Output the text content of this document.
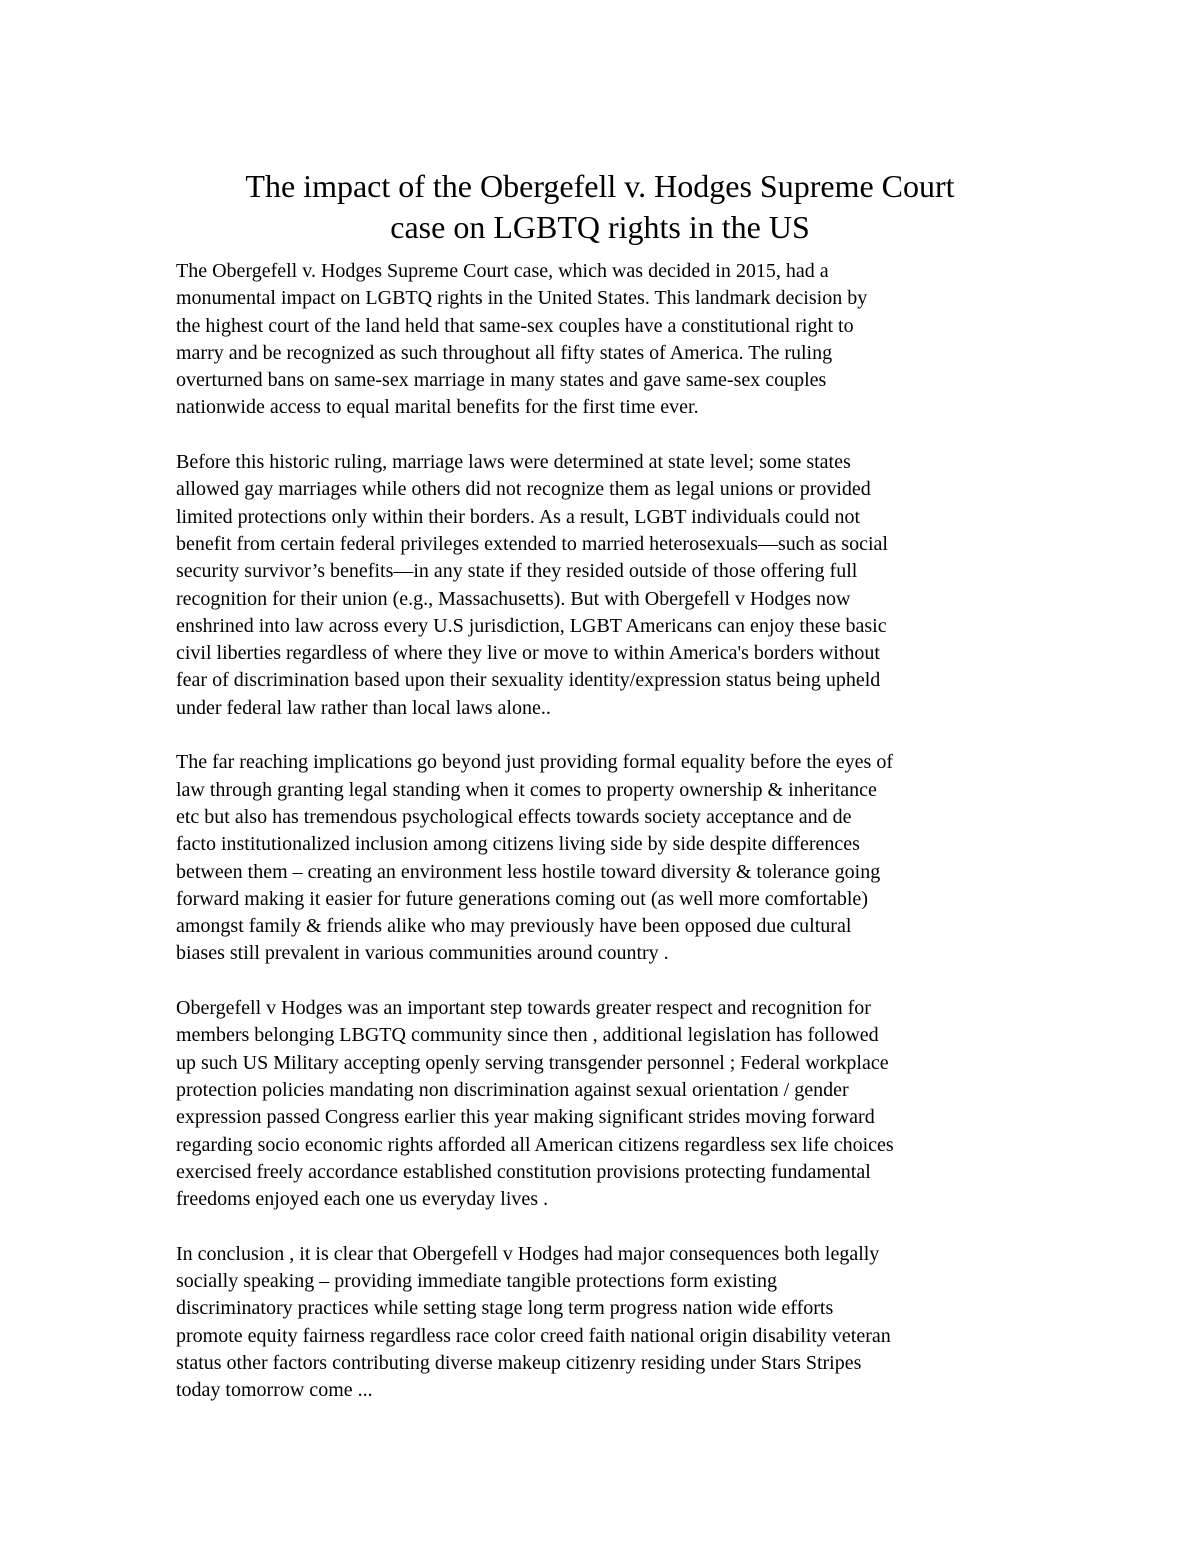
The impact of the Obergefell v. Hodges Supreme Court
case on LGBTQ rights in the US

The Obergefell v. Hodges Supreme Court case, which was decided in 2015, had a
monumental impact on LGBTQ rights in the United States. This landmark decision by
the highest court of the land held that same-sex couples have a constitutional right to
marry and be recognized as such throughout all fifty states of America. The ruling
overturned bans on same-sex marriage in many states and gave same-sex couples
nationwide access to equal marital benefits for the first time ever.

Before this historic ruling, marriage laws were determined at state level; some states
allowed gay marriages while others did not recognize them as legal unions or provided
limited protections only within their borders. As a result, LGBT individuals could not
benefit from certain federal privileges extended to married heterosexuals—such as social
security survivor’s benefits—in any state if they resided outside of those offering full
recognition for their union (e.g., Massachusetts). But with Obergefell v Hodges now
enshrined into law across every U.S jurisdiction, LGBT Americans can enjoy these basic
civil liberties regardless of where they live or move to within America's borders without
fear of discrimination based upon their sexuality identity/expression status being upheld
under federal law rather than local laws alone..

The far reaching implications go beyond just providing formal equality before the eyes of
law through granting legal standing when it comes to property ownership & inheritance
etc but also has tremendous psychological effects towards society acceptance and de
facto institutionalized inclusion among citizens living side by side despite differences
between them – creating an environment less hostile toward diversity & tolerance going
forward making it easier for future generations coming out (as well more comfortable)
amongst family & friends alike who may previously have been opposed due cultural
biases still prevalent in various communities around country .

Obergefell v Hodges was an important step towards greater respect and recognition for
members belonging LBGTQ community since then , additional legislation has followed
up such US Military accepting openly serving transgender personnel ; Federal workplace
protection policies mandating non discrimination against sexual orientation / gender
expression passed Congress earlier this year making significant strides moving forward
regarding socio economic rights afforded all American citizens regardless sex life choices
exercised freely accordance established constitution provisions protecting fundamental
freedoms enjoyed each one us everyday lives .

In conclusion , it is clear that Obergefell v Hodges had major consequences both legally
socially speaking – providing immediate tangible protections form existing
discriminatory practices while setting stage long term progress nation wide efforts
promote equity fairness regardless race color creed faith national origin disability veteran
status other factors contributing diverse makeup citizenry residing under Stars Stripes
today tomorrow come ...
